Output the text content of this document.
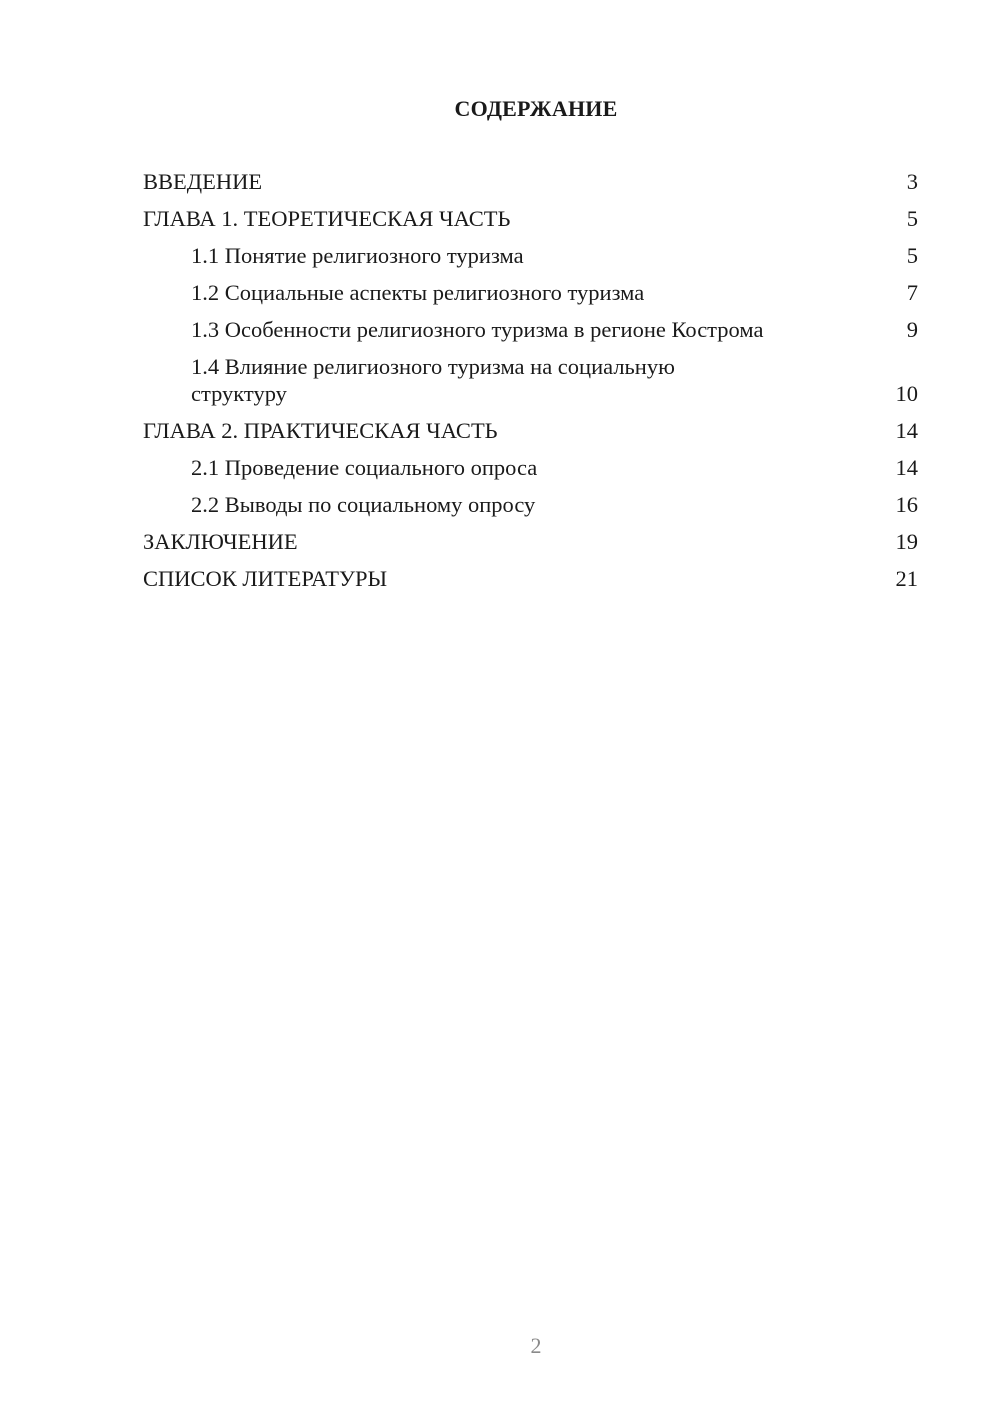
СОДЕРЖАНИЕ
ВВЕДЕНИЕ	3
ГЛАВА 1. ТЕОРЕТИЧЕСКАЯ ЧАСТЬ	5
1.1 Понятие религиозного туризма	5
1.2 Социальные аспекты религиозного туризма	7
1.3 Особенности религиозного туризма в регионе Кострома	9
1.4 Влияние религиозного туризма на социальную структуру	10
ГЛАВА 2. ПРАКТИЧЕСКАЯ ЧАСТЬ	14
2.1 Проведение социального опроса	14
2.2 Выводы по социальному опросу	16
ЗАКЛЮЧЕНИЕ	19
СПИСОК ЛИТЕРАТУРЫ	21
2
